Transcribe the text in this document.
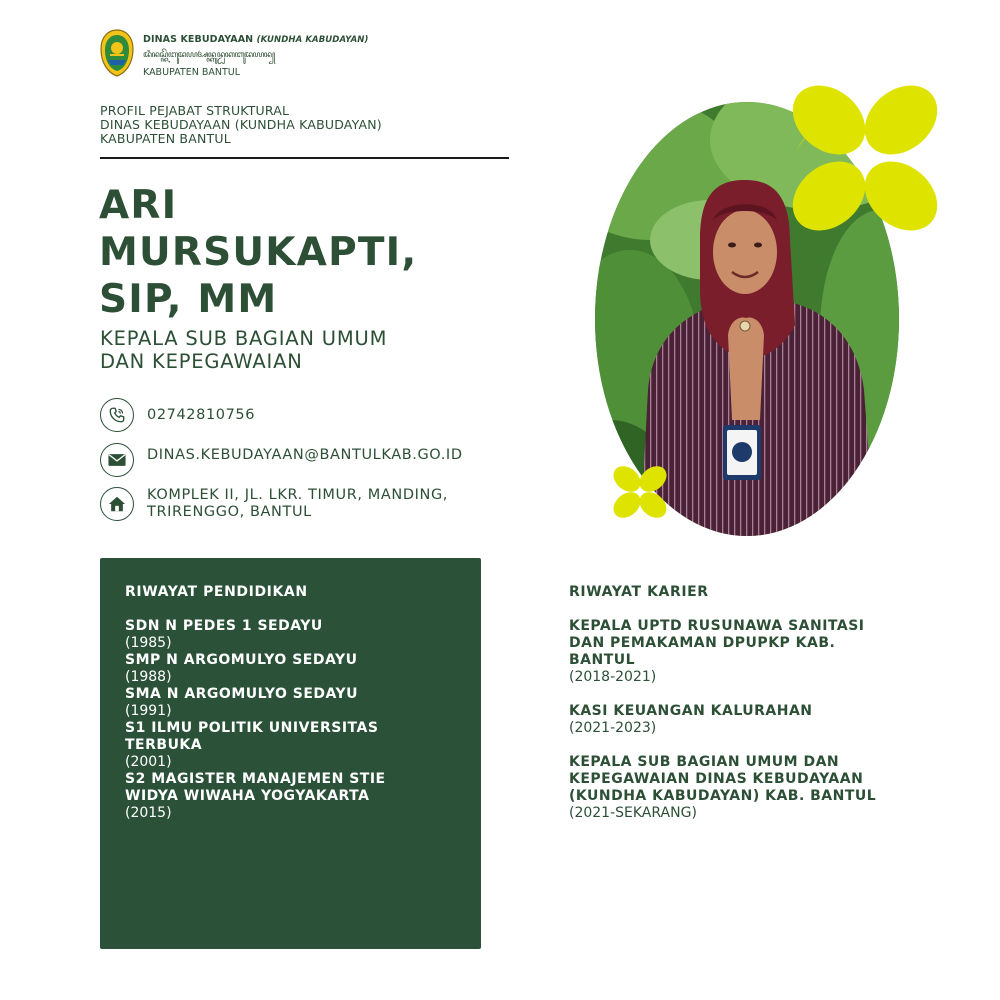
DINAS KEBUDAYAAN (KUNDHA KABUDAYAN)
ꦢꦶꦤꦱ꧀ꦏꦼꦧꦸꦢꦪꦄꦤ꧀ꦏꦸꦤ꧀ꦝꦏꦧꦸꦢꦪꦤ꧀
KABUPATEN BANTUL
PROFIL PEJABAT STRUKTURAL
DINAS KEBUDAYAAN (KUNDHA KABUDAYAN)
KABUPATEN BANTUL
ARI
MURSUKAPTI,
SIP, MM
KEPALA SUB BAGIAN UMUM
DAN KEPEGAWAIAN
02742810756
DINAS.KEBUDAYAAN@BANTULKAB.GO.ID
KOMPLEK II, JL. LKR. TIMUR, MANDING,
TRIRENGGO, BANTUL
RIWAYAT PENDIDIKAN
SDN N PEDES 1 SEDAYU
(1985)
SMP N ARGOMULYO SEDAYU
(1988)
SMA N ARGOMULYO SEDAYU
(1991)
S1 ILMU POLITIK UNIVERSITAS
TERBUKA
(2001)
S2 MAGISTER MANAJEMEN STIE
WIDYA WIWAHA YOGYAKARTA
(2015)
RIWAYAT KARIER
KEPALA UPTD RUSUNAWA SANITASI
DAN PEMAKAMAN DPUPKP KAB.
BANTUL
(2018-2021)
KASI KEUANGAN KALURAHAN
(2021-2023)
KEPALA SUB BAGIAN UMUM DAN
KEPEGAWAIAN DINAS KEBUDAYAAN
(KUNDHA KABUDAYAN) KAB. BANTUL
(2021-SEKARANG)
